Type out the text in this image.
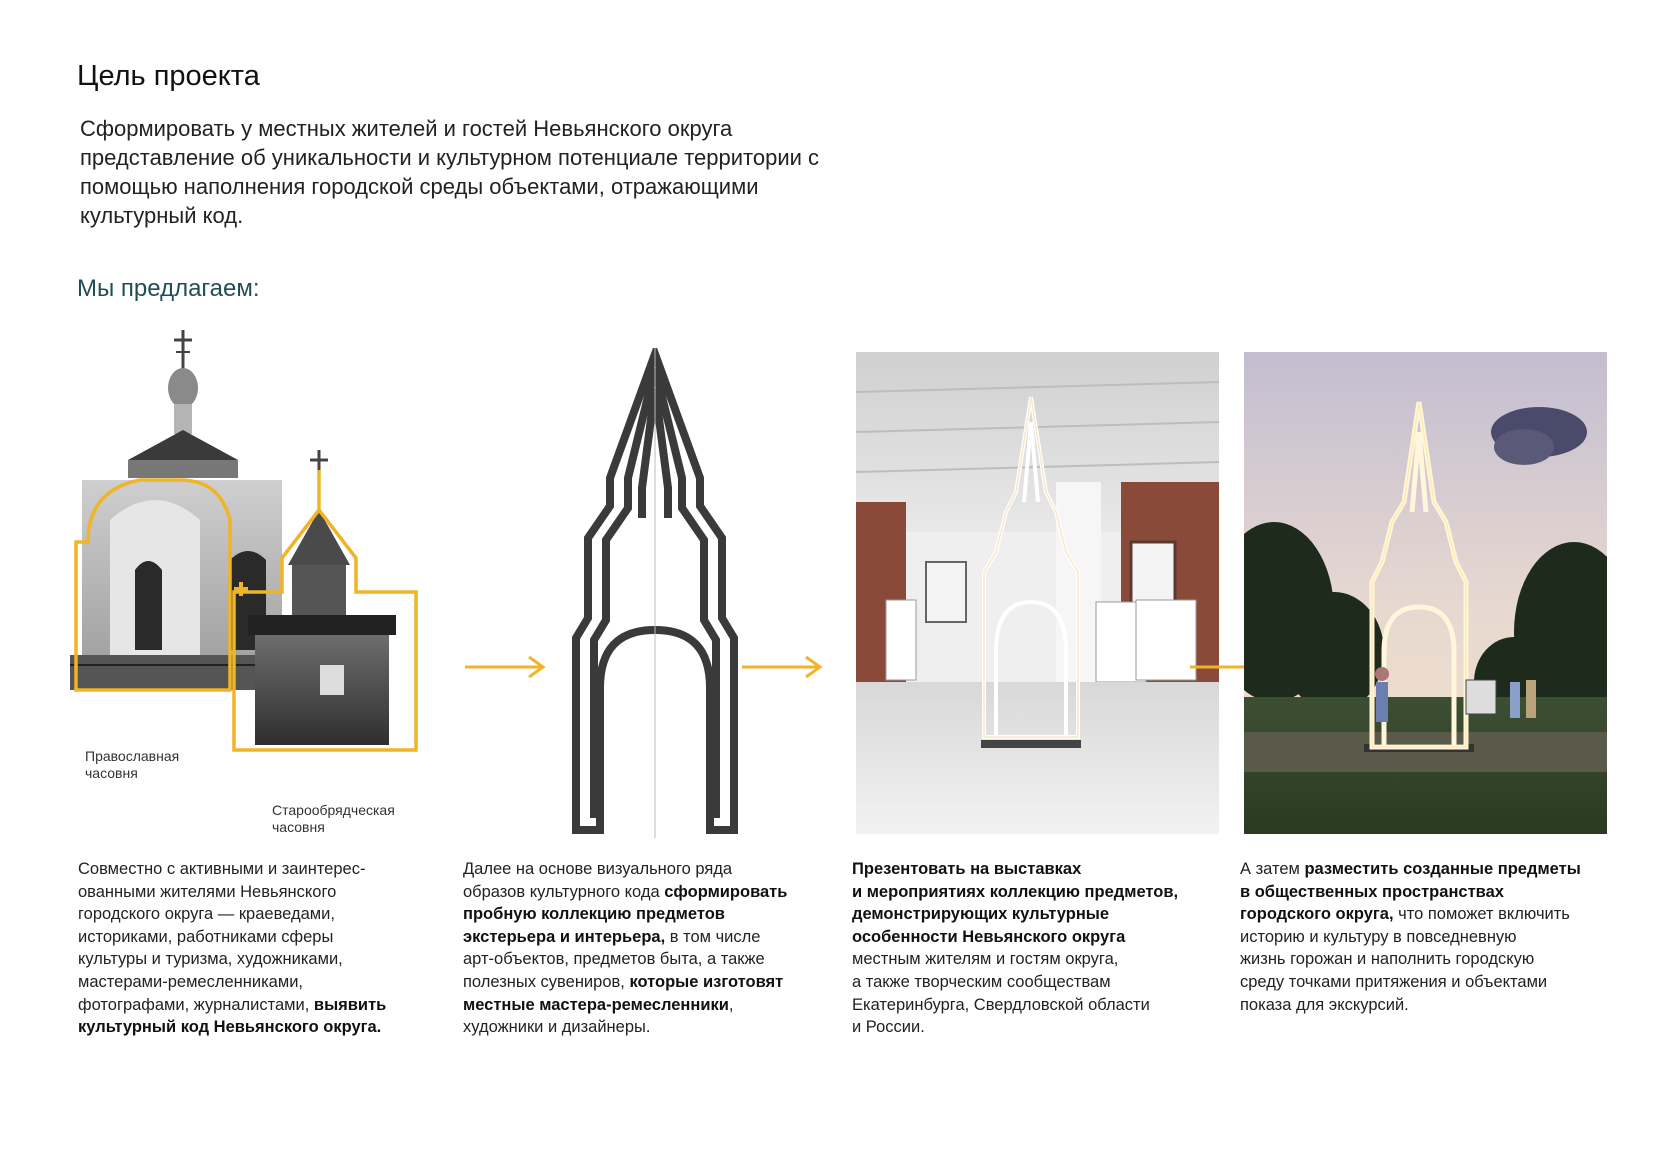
Цель проекта
Сформировать у местных жителей и гостей Невьянского округа представление об уникальности и культурном потенциале территории с помощью наполнения городской среды объектами, отражающими культурный код.
Мы предлагаем:
Православная
часовня
Старообрядческая
часовня
Совместно с активными и заинтерес-
ованными жителями Невьянского
городского округа — краеведами,
историками, работниками сферы
культуры и туризма, художниками,
мастерами-ремесленниками,
фотографами, журналистами, выявить
культурный код Невьянского округа.
Далее на основе визуального ряда
образов культурного кода сформировать
пробную коллекцию предметов
экстерьера и интерьера, в том числе
арт-объектов, предметов быта, а также
полезных сувениров, которые изготовят
местные мастера-ремесленники,
художники и дизайнеры.
Презентовать на выставках
и мероприятиях коллекцию предметов,
демонстрирующих культурные
особенности Невьянского округа
местным жителям и гостям округа,
а также творческим сообществам
Екатеринбурга, Свердловской области
и России.
А затем разместить созданные предметы
в общественных пространствах
городского округа, что поможет включить
историю и культуру в повседневную
жизнь горожан и наполнить городскую
среду точками притяжения и объектами
показа для экскурсий.
